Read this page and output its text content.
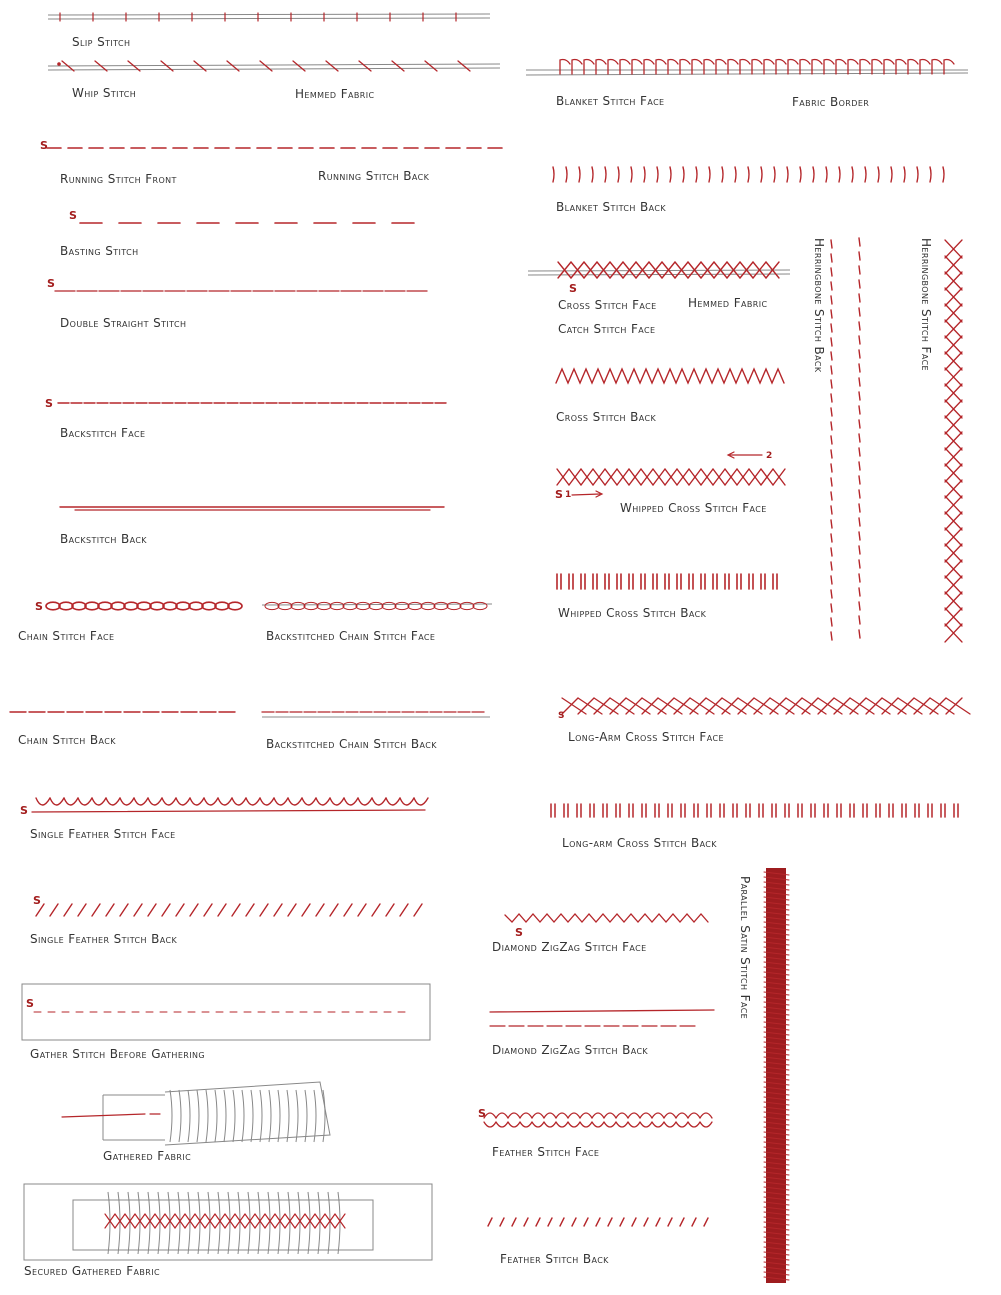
Slip Stitch
Whip Stitch	Hemmed Fabric
Running Stitch Front	Running Stitch Back
Basting Stitch
Double Straight Stitch
Backstitch Face
Backstitch Back
Chain Stitch Face	Backstitched Chain Stitch Face
Chain Stitch Back	Backstitched Chain Stitch Back
Single Feather Stitch Face
Single Feather Stitch Back
Gather Stitch Before Gathering
Gathered Fabric
Secured Gathered Fabric
Blanket Stitch Face	Fabric Border
Blanket Stitch Back
Cross Stitch Face	Hemmed Fabric
Catch Stitch Face
Cross Stitch Back
Whipped Cross Stitch Face
Whipped Cross Stitch Back
Long-Arm Cross Stitch Face
Long-arm Cross Stitch Back
Diamond ZigZag Stitch Face
Diamond ZigZag Stitch Back
Feather Stitch Face
Feather Stitch Back
Herringbone Stitch Back	Herringbone Stitch Face
Parallel Satin Stitch Face
S
S
S
S
S
S
S
S
S
S 1
2
S
S
S
